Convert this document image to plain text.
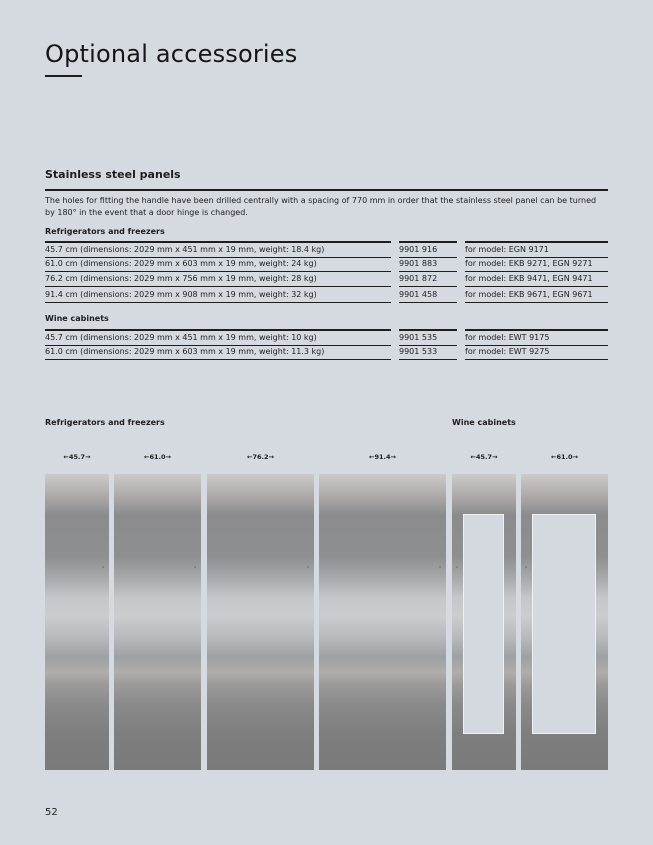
Optional accessories
Stainless steel panels
The holes for fitting the handle have been drilled centrally with a spacing of 770 mm in order that the stainless steel panel can be turned by 180° in the event that a door hinge is changed.
Refrigerators and freezers
45.7 cm (dimensions: 2029 mm x 451 mm x 19 mm, weight: 18.4 kg)	9901 916	for model: EGN 9171
61.0 cm (dimensions: 2029 mm x 603 mm x 19 mm, weight: 24 kg)	9901 883	for model: EKB 9271, EGN 9271
76.2 cm (dimensions: 2029 mm x 756 mm x 19 mm, weight: 28 kg)	9901 872	for model: EKB 9471, EGN 9471
91.4 cm (dimensions: 2029 mm x 908 mm x 19 mm, weight: 32 kg)	9901 458	for model: EKB 9671, EGN 9671
Wine cabinets
45.7 cm (dimensions: 2029 mm x 451 mm x 19 mm, weight: 10 kg)	9901 535	for model: EWT 9175
61.0 cm (dimensions: 2029 mm x 603 mm x 19 mm, weight: 11.3 kg)	9901 533	for model: EWT 9275
Refrigerators and freezers	Wine cabinets
←45.7→	←61.0→	←76.2→	←91.4→	←45.7→	←61.0→
52
